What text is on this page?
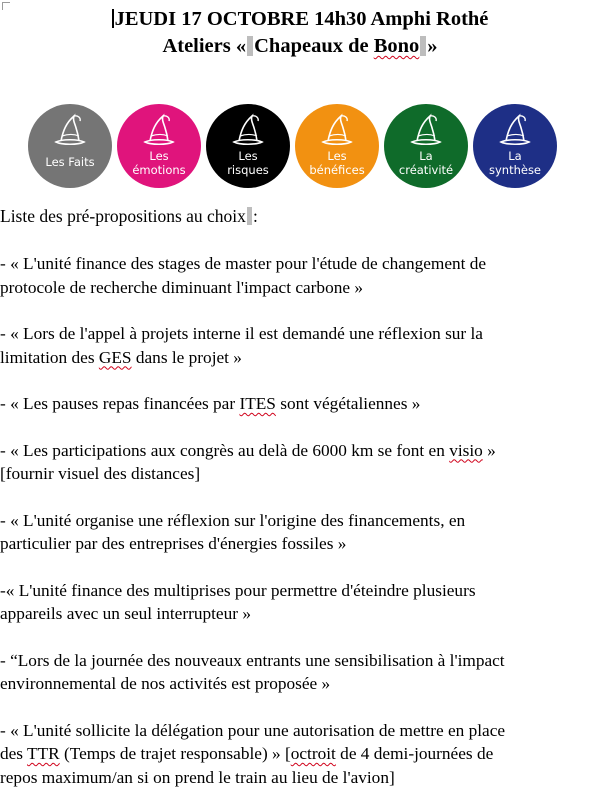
JEUDI 17 OCTOBRE 14h30 Amphi Rothé
Ateliers « Chapeaux de Bono »
Les Faits	Les
émotions
Les
risques
Les
bénéfices
La
créativité
La
synthèse
Liste des pré-propositions au choix :
- « L'unité finance des stages de master pour l'étude de changement de
protocole de recherche diminuant l'impact carbone »
- « Lors de l'appel à projets interne il est demandé une réflexion sur la
limitation des GES dans le projet »
- « Les pauses repas financées par ITES sont végétaliennes »
- « Les participations aux congrès au delà de 6000 km se font en visio »
[fournir visuel des distances]
- « L'unité organise une réflexion sur l'origine des financements, en
particulier par des entreprises d'énergies fossiles »
-« L'unité finance des multiprises pour permettre d'éteindre plusieurs
appareils avec un seul interrupteur »
- “Lors de la journée des nouveaux entrants une sensibilisation à l'impact
environnemental de nos activités est proposée »
- « L'unité sollicite la délégation pour une autorisation de mettre en place
des TTR (Temps de trajet responsable) » [octroit de 4 demi-journées de
repos maximum/an si on prend le train au lieu de l'avion]
